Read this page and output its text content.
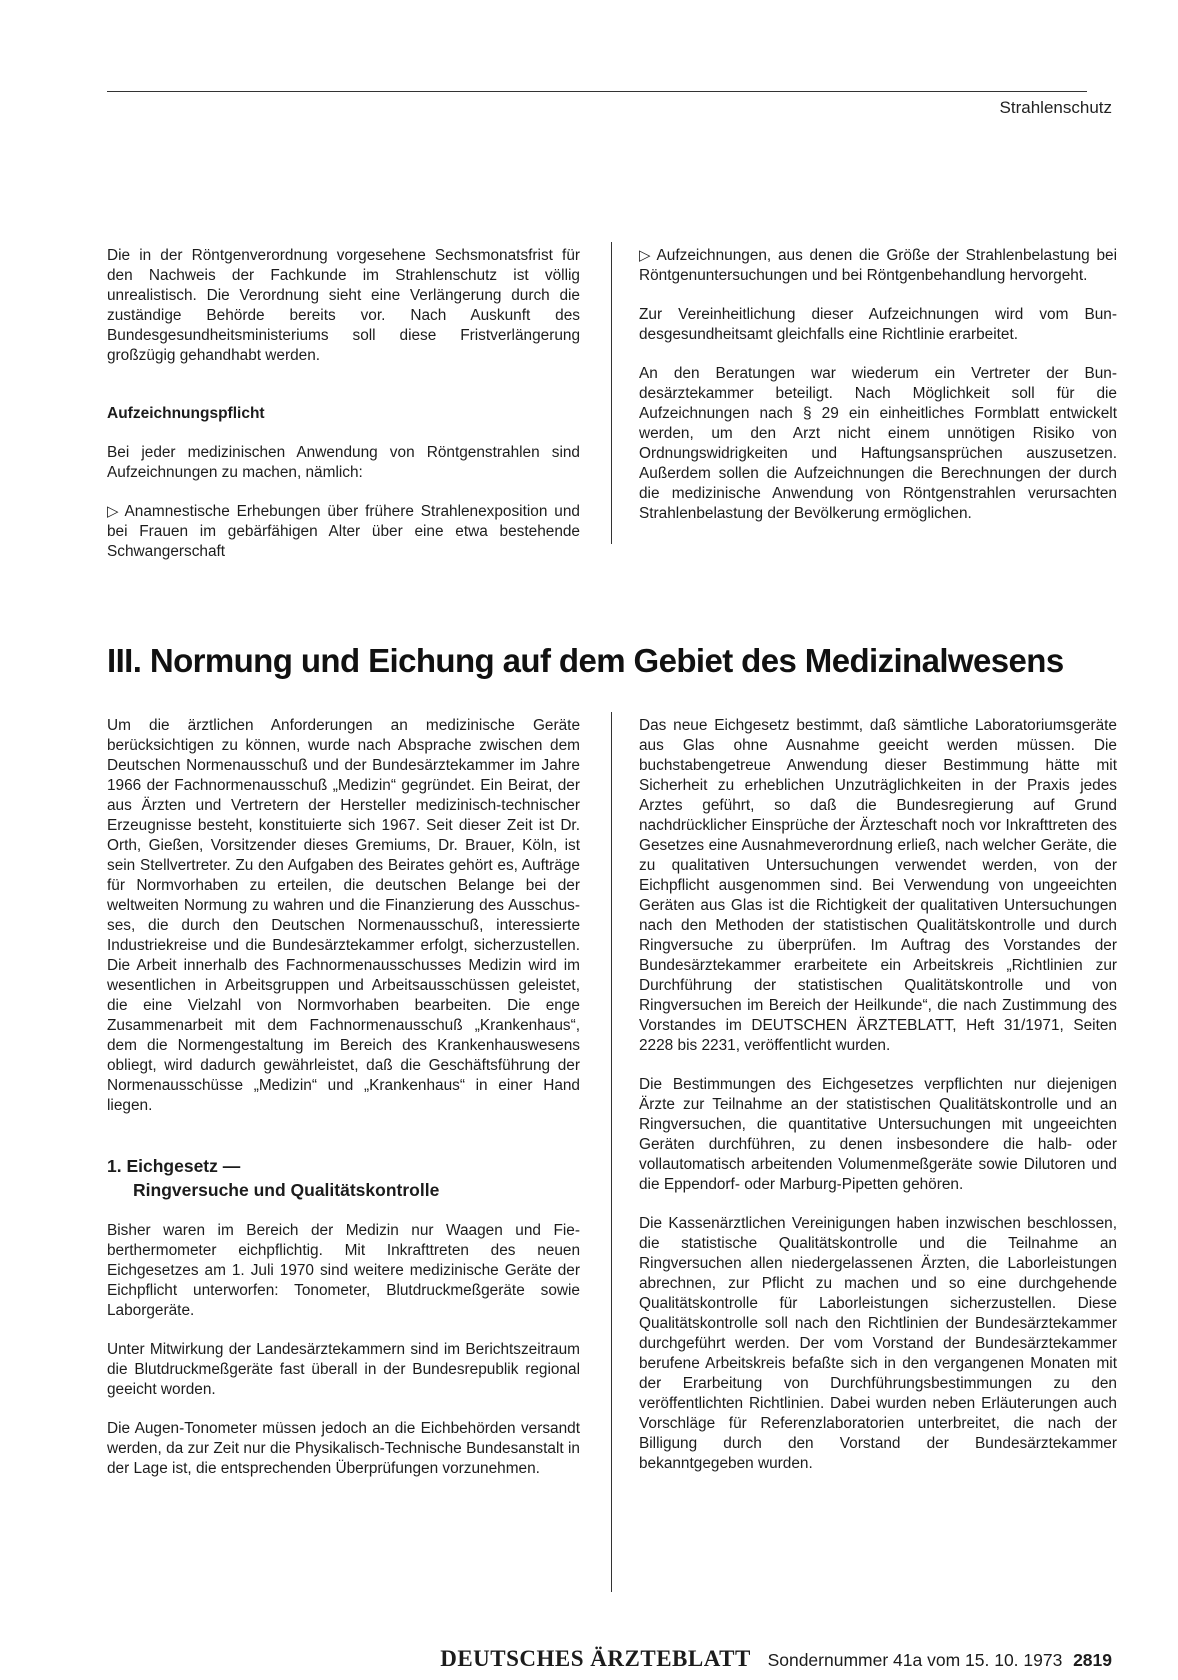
Strahlenschutz

Die in der Röntgenverordnung vorgesehene Sechsmonatsfrist für den Nachweis der Fachkunde im Strahlenschutz ist völlig unrealistisch. Die Verordnung sieht eine Verlängerung durch die zuständige Behörde bereits vor. Nach Auskunft des Bundesgesundheitsministeriums soll diese Fristverlängerung großzügig gehandhabt werden.

Aufzeichnungspflicht

Bei jeder medizinischen Anwendung von Röntgenstrahlen sind Aufzeichnungen zu machen, nämlich:

▷ Anamnestische Erhebungen über frühere Strahlenexposition und bei Frauen im gebärfähigen Alter über eine etwa bestehende Schwangerschaft

▷ Aufzeichnungen, aus denen die Größe der Strahlenbelastung bei Röntgenuntersuchungen und bei Röntgenbehandlung hervorgeht.

Zur Vereinheitlichung dieser Aufzeichnungen wird vom Bundesgesundheitsamt gleichfalls eine Richtlinie erarbeitet.

An den Beratungen war wiederum ein Vertreter der Bundesärztekammer beteiligt. Nach Möglichkeit soll für die Aufzeichnungen nach § 29 ein einheitliches Formblatt entwickelt werden, um den Arzt nicht einem unnötigen Risiko von Ordnungswidrigkeiten und Haftungsansprüchen auszusetzen. Außerdem sollen die Aufzeichnungen die Berechnungen der durch die medizinische Anwendung von Röntgenstrahlen verursachten Strahlenbelastung der Bevölkerung ermöglichen.

III. Normung und Eichung auf dem Gebiet des Medizinalwesens

Um die ärztlichen Anforderungen an medizinische Geräte berücksichtigen zu können, wurde nach Absprache zwischen dem Deutschen Normenausschuß und der Bundesärztekammer im Jahre 1966 der Fachnormenausschuß „Medizin“ gegründet. Ein Beirat, der aus Ärzten und Vertretern der Hersteller medizinisch-technischer Erzeugnisse besteht, konstituierte sich 1967. Seit dieser Zeit ist Dr. Orth, Gießen, Vorsitzender dieses Gremiums, Dr. Brauer, Köln, ist sein Stellvertreter. Zu den Aufgaben des Beirates gehört es, Aufträge für Normvorhaben zu erteilen, die deutschen Belange bei der weltweiten Normung zu wahren und die Finanzierung des Ausschusses, die durch den Deutschen Normenausschuß, interessierte Industriekreise und die Bundesärztekammer erfolgt, sicherzustellen. Die Arbeit innerhalb des Fachnormenausschusses Medizin wird im wesentlichen in Arbeitsgruppen und Arbeitsausschüssen geleistet, die eine Vielzahl von Normvorhaben bearbeiten. Die enge Zusammenarbeit mit dem Fachnormenausschuß „Krankenhaus“, dem die Normengestaltung im Bereich des Krankenhauswesens obliegt, wird dadurch gewährleistet, daß die Geschäftsführung der Normenausschüsse „Medizin“ und „Krankenhaus“ in einer Hand liegen.

1. Eichgesetz —
Ringversuche und Qualitätskontrolle

Bisher waren im Bereich der Medizin nur Waagen und Fieberthermometer eichpflichtig. Mit Inkrafttreten des neuen Eichgesetzes am 1. Juli 1970 sind weitere medizinische Geräte der Eichpflicht unterworfen: Tonometer, Blutdruckmeßgeräte sowie Laborgeräte.

Unter Mitwirkung der Landesärztekammern sind im Berichtszeitraum die Blutdruckmeßgeräte fast überall in der Bundesrepublik regional geeicht worden.

Die Augen-Tonometer müssen jedoch an die Eichbehörden versandt werden, da zur Zeit nur die Physikalisch-Technische Bundesanstalt in der Lage ist, die entsprechenden Überprüfungen vorzunehmen.

Das neue Eichgesetz bestimmt, daß sämtliche Laboratoriumsgeräte aus Glas ohne Ausnahme geeicht werden müssen. Die buchstabengetreue Anwendung dieser Bestimmung hätte mit Sicherheit zu erheblichen Unzuträglichkeiten in der Praxis jedes Arztes geführt, so daß die Bundesregierung auf Grund nachdrücklicher Einsprüche der Ärzteschaft noch vor Inkrafttreten des Gesetzes eine Ausnahmeverordnung erließ, nach welcher Geräte, die zu qualitativen Untersuchungen verwendet werden, von der Eichpflicht ausgenommen sind. Bei Verwendung von ungeeichten Geräten aus Glas ist die Richtigkeit der qualitativen Untersuchungen nach den Methoden der statistischen Qualitätskontrolle und durch Ringversuche zu überprüfen. Im Auftrag des Vorstandes der Bundesärztekammer erarbeitete ein Arbeitskreis „Richtlinien zur Durchführung der statistischen Qualitätskontrolle und von Ringversuchen im Bereich der Heilkunde“, die nach Zustimmung des Vorstandes im DEUTSCHEN ÄRZTEBLATT, Heft 31/1971, Seiten 2228 bis 2231, veröffentlicht wurden.

Die Bestimmungen des Eichgesetzes verpflichten nur diejenigen Ärzte zur Teilnahme an der statistischen Qualitätskontrolle und an Ringversuchen, die quantitative Untersuchungen mit ungeeichten Geräten durchführen, zu denen insbesondere die halb- oder vollautomatisch arbeitenden Volumenmeßgeräte sowie Dilutoren und die Eppendorf- oder Marburg-Pipetten gehören.

Die Kassenärztlichen Vereinigungen haben inzwischen beschlossen, die statistische Qualitätskontrolle und die Teilnahme an Ringversuchen allen niedergelassenen Ärzten, die Laborleistungen abrechnen, zur Pflicht zu machen und so eine durchgehende Qualitätskontrolle für Laborleistungen sicherzustellen. Diese Qualitätskontrolle soll nach den Richtlinien der Bundesärztekammer durchgeführt werden. Der vom Vorstand der Bundesärztekammer berufene Arbeitskreis befaßte sich in den vergangenen Monaten mit der Erarbeitung von Durchführungsbestimmungen zu den veröffentlichten Richtlinien. Dabei wurden neben Erläuterungen auch Vorschläge für Referenzlaboratorien unterbreitet, die nach der Billigung durch den Vorstand der Bundesärztekammer bekanntgegeben wurden.

DEUTSCHES ÄRZTEBLATT Sondernummer 41a vom 15. 10. 1973 2819
